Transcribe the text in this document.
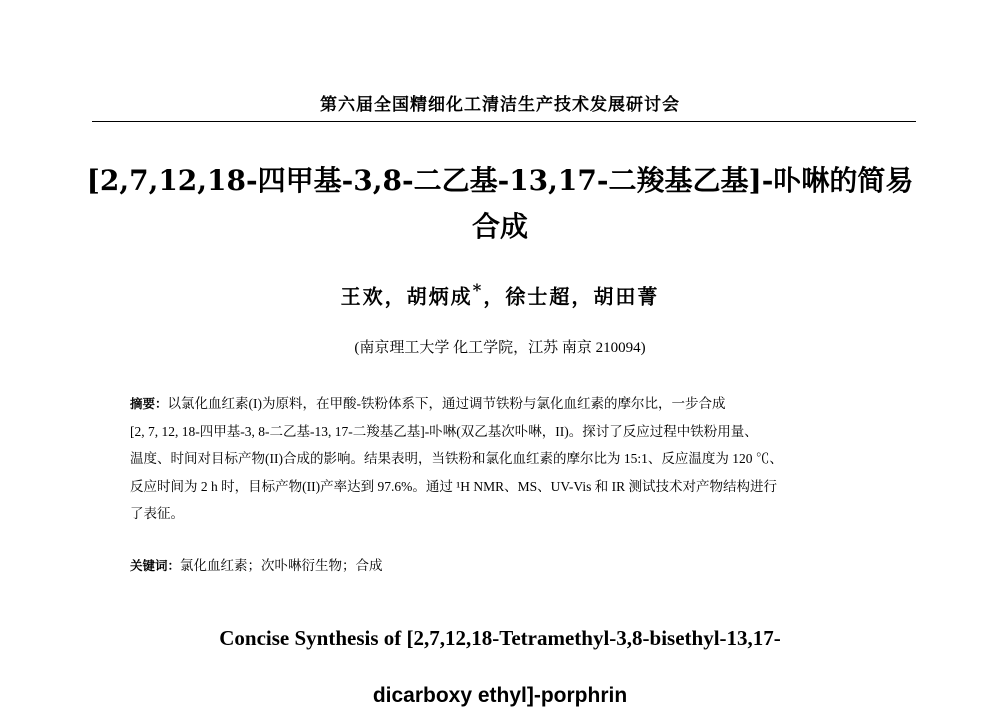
第六届全国精细化工清洁生产技术发展研讨会
[2,7,12,18-四甲基-3,8-二乙基-13,17-二羧基乙基]-卟啉的简易
合成
王欢，胡炳成*，徐士超，胡田菁
(南京理工大学 化工学院，江苏 南京 210094)
摘要：以氯化血红素(I)为原料，在甲酸-铁粉体系下，通过调节铁粉与氯化血红素的摩尔比，一步合成
[2, 7, 12, 18-四甲基-3, 8-二乙基-13, 17-二羧基乙基]-卟啉(双乙基次卟啉，II)。探讨了反应过程中铁粉用量、
温度、时间对目标产物(II)合成的影响。结果表明，当铁粉和氯化血红素的摩尔比为 15:1、反应温度为 120 ℃、
反应时间为 2 h 时，目标产物(II)产率达到 97.6%。通过 ¹H NMR、MS、UV-Vis 和 IR 测试技术对产物结构进行
了表征。
关键词：氯化血红素；次卟啉衍生物；合成
Concise Synthesis of [2,7,12,18-Tetramethyl-3,8-bisethyl-13,17-
dicarboxy ethyl]-porphrin
